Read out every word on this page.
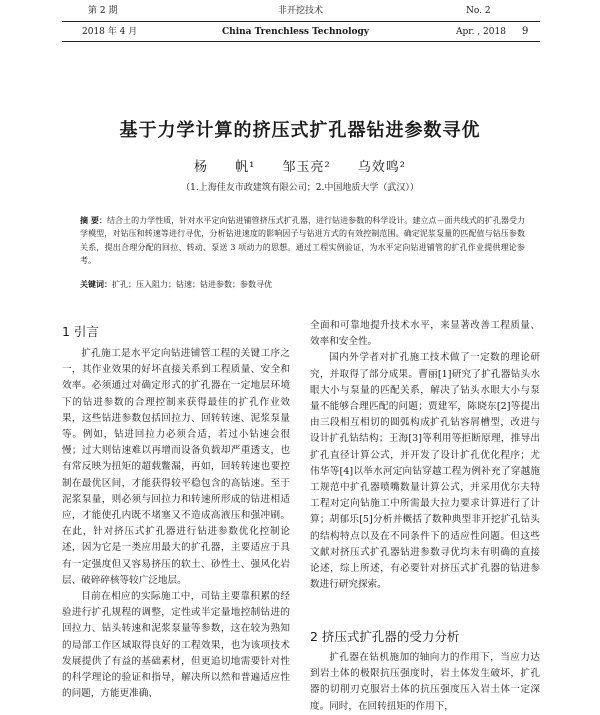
第 2 期	非开挖技术	No. 2
2018 年 4 月	China Trenchless Technology	Apr. , 2018 9
基于力学计算的挤压式扩孔器钻进参数寻优
杨 帆¹ 邹玉亮² 乌效鸣²
（1.上海佳友市政建筑有限公司；2.中国地质大学（武汉））
摘 要：结合土的力学性质，针对水平定向钻进铺管挤压式扩孔器，进行钻进参数的科学设计。建立点－面共线式的扩孔器受力学模型，对钻压和转速等进行寻优，分析钻进速度的影响因子与钻进方式的有效控制范围。确定泥浆泵量的匹配值与钻压参数关系，提出合理分配的回拉、转动、泵送 3 项动力的思想。通过工程实例验证，为水平定向钻进铺管的扩孔作业提供理论参考。
关键词：扩孔；压入阻力；钻速；钻进参数；参数寻优
1 引言

扩孔施工是水平定向钻进铺管工程的关键工序之一，其作业效果的好坏直接关系到工程质量、安全和效率。必须通过对确定形式的扩孔器在一定地层环境下的钻进参数的合理控制来获得最佳的扩孔作业效果，这些钻进参数包括回拉力、回转转速、泥浆泵量等。例如，钻进回拉力必须合适，若过小钻速会很慢；过大则钻速难以再增而设备负载却严重透支，也有常反映为扭矩的超载鳖漏，再如，回转转速也要控制在最优区间，才能获得较平稳包含的高钻速。至于泥浆泵量，则必须与回拉力和转速所形成的钻进相适应，才能使孔内既不堵塞又不造成高液压和强冲刷。在此，针对挤压式扩孔器进行钻进参数优化控制论述，因为它是一类应用最大的扩孔器，主要适应于具有一定强度但又容易挤压的软土、砂性土、强风化岩层、破碎碎核等较广泛地层。

目前在相应的实际施工中，司钻主要靠积累的经验进行扩孔规程的调整，定性或半定量地控制钻进的回拉力、钻头转速和泥浆泵量等参数，这在较为熟知的局部工作区域取得良好的工程效果，也为该项技术发展提供了有益的基础素材，但更追切地需要针对性的科学理论的验证和指导，解决所以然和普遍适应性的问题，方能更准确、

全面和可靠地提升技术水平，来显著改善工程质量、效率和安全性。

国内外学者对扩孔施工技术做了一定数的理论研究，并取得了部分成果。曹丽[1]研究了扩孔器钻头水眼大小与泵量的匹配关系，解决了钻头水眼大小与泵量不能够合理匹配的问题；贾建军，陈晓东[2]等提出由三段相互相切的圆弧构成扩孔钻容屑槽型，改进与设计扩孔钻结构；王海[3]等利用等拒断原理，推导出扩孔直径计算公式，并开发了设计扩孔优化程序；尤伟华等[4]以举水河定向钻穿越工程为例补充了穿越施工规范中扩孔器喷嘴数量计算公式，并采用优尔夫特工程对定向钻施工中所需最大拉力要求计算进行了计算；胡郁乐[5]分析并概括了数种典型非开挖扩孔钻头的结构特点以及在不同条件下的适应性问题。但这些文献对挤压式扩孔器钻进参数寻优均未有明确的直接论述，综上所述，有必要针对挤压式扩孔器的钻进参数进行研究探索。

2 挤压式扩孔器的受力分析

扩孔器在钻机施加的轴向力的作用下，当应力达到岩土体的极限抗压强度时，岩土体发生破坏，扩孔器的切削刃克服岩土体的抗压强度压入岩土体一定深度。同时，在回转扭矩的作用下，
